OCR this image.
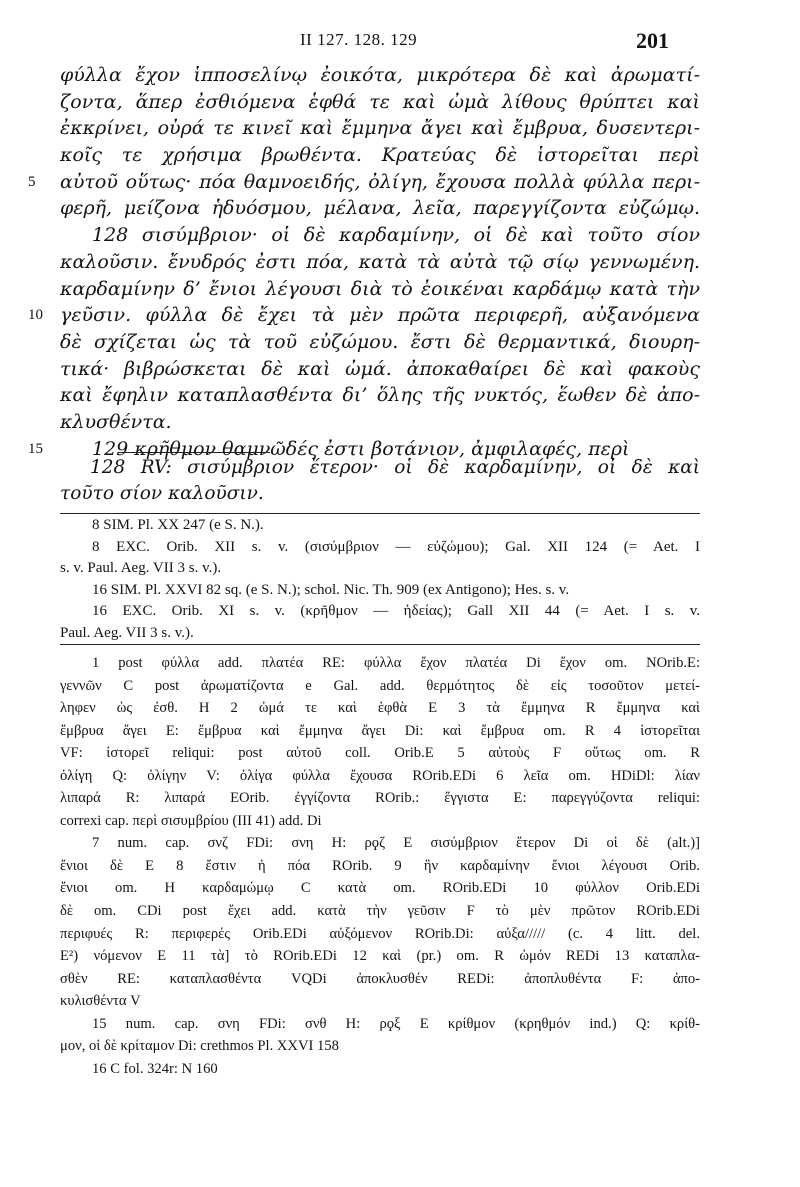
II 127. 128. 129	201
φύλλα ἔχον ἱπποσελίνῳ ἐοικότα, μικρότερα δὲ καὶ ἀρωματί-
ζοντα, ἅπερ ἐσθιόμενα ἑφθά τε καὶ ὠμὰ λίθους θρύπτει καὶ
ἐκκρίνει, οὐρά τε κινεῖ καὶ ἔμμηνα ἄγει καὶ ἔμβρυα, δυσεντερι-
κοῖς τε χρήσιμα βρωθέντα. Κρατεύας δὲ ἱστορεῖται περὶ
5	αὐτοῦ οὕτως· πόα θαμνοειδής, ὀλίγη, ἔχουσα πολλὰ φύλλα περι-
φερῆ, μείζονα ἡδυόσμου, μέλανα, λεῖα, παρεγγίζοντα εὐζώμῳ.
128 σισύμβριον· οἱ δὲ καρδαμίνην, οἱ δὲ καὶ τοῦτο σίον
καλοῦσιν. ἔνυδρός ἐστι πόα, κατὰ τὰ αὐτὰ τῷ σίῳ γεννωμένη.
καρδαμίνην δ’ ἔνιοι λέγουσι διὰ τὸ ἐοικέναι καρδάμῳ κατὰ τὴν
10 γεῦσιν. φύλλα δὲ ἔχει τὰ μὲν πρῶτα περιφερῆ, αὐξανόμενα
δὲ σχίζεται ὡς τὰ τοῦ εὐζώμου. ἔστι δὲ θερμαντικά, διουρη-
τικά· βιβρώσκεται δὲ καὶ ὠμά. ἀποκαθαίρει δὲ καὶ φακοὺς
καὶ ἔφηλιν καταπλασθέντα δι’ ὅλης τῆς νυκτός, ἕωθεν δὲ ἀπο-
κλυσθέντα.
15	129 κρῆθμον θαμνῶδές ἐστι βοτάνιον, ἀμφιλαφές, περὶ
128 RV: σισύμβριον ἕτερον· οἱ δὲ καρδαμίνην, οἱ δὲ καὶ
τοῦτο σίον καλοῦσιν.
8 SIM. Pl. XX 247 (e S. N.).
8 EXC. Orib. XII s. v. (σισύμβριον — εὐζώμου); Gal. XII 124 (= Aet. I
s. v. Paul. Aeg. VII 3 s. v.).
16 SIM. Pl. XXVI 82 sq. (e S. N.); schol. Nic. Th. 909 (ex Antigono); Hes. s. v.
16 EXC. Orib. XI s. v. (κρῆθμον — ἡδείας); Gall XII 44 (= Aet. I s. v.
Paul. Aeg. VII 3 s. v.).
1 post φύλλα add. πλατέα RE: φύλλα ἔχον πλατέα Di ἔχον om. NOrib.E:
γεννῶν C post ἀρωματίζοντα e Gal. add. θερμότητος δὲ εἰς τοσοῦτον μετεί-
ληφεν ὡς ἐσθ. H 2 ὠμά τε καὶ ἑφθὰ E 3 τὰ ἔμμηνα R ἔμμηνα καὶ
ἔμβρυα ἄγει E: ἔμβρυα καὶ ἔμμηνα ἄγει Di: καὶ ἔμβρυα om. R 4 ἱστορεῖται
VF: ἱστορεῖ reliqui: post αὐτοῦ coll. Orib.E 5 αὐτοὺς F οὕτως om. R
ὀλίγη Q: ὀλίγην V: ὀλίγα φύλλα ἔχουσα ROrib.EDi 6 λεῖα om. HDiDl: λίαν
λιπαρά R: λιπαρά EOrib. ἐγγίζοντα ROrib.: ἔγγιστα E: παρεγγύζοντα reliqui:
correxi cap. περὶ σισυμβρίου (III 41) add. Di
7 num. cap. σνζ FDi: σνη H: ρϙζ E σισύμβριον ἕτερον Di οἱ δὲ (alt.)]
ἔνιοι δὲ E 8 ἔστιν ἡ πόα ROrib. 9 ἣν καρδαμίνην ἔνιοι λέγουσι Orib.
ἔνιοι om. H καρδαμώμῳ C κατὰ om. ROrib.EDi 10 φύλλον Orib.EDi
δὲ om. CDi post ἔχει add. κατὰ τὴν γεῦσιν F τὸ μὲν πρῶτον ROrib.EDi
περιφυές R: περιφερές Orib.EDi αὐξόμενον ROrib.Di: αὐξα///// (c. 4 litt. del.
E²) νόμενον E 11 τὰ] τὸ ROrib.EDi 12 καὶ (pr.) om. R ὠμόν REDi 13 καταπλα-
σθὲν RE: καταπλασθέντα VQDi ἀποκλυσθέν REDi: ἀποπλυθέντα F: ἀπο-
κυλισθέντα V
15 num. cap. σνη FDi: σνθ H: ρϙξ E κρίθμον (κρηθμόν ind.) Q: κρίθ-
μον, οἱ δὲ κρίταμον Di: crethmos Pl. XXVI 158
16 C fol. 324r: N 160
